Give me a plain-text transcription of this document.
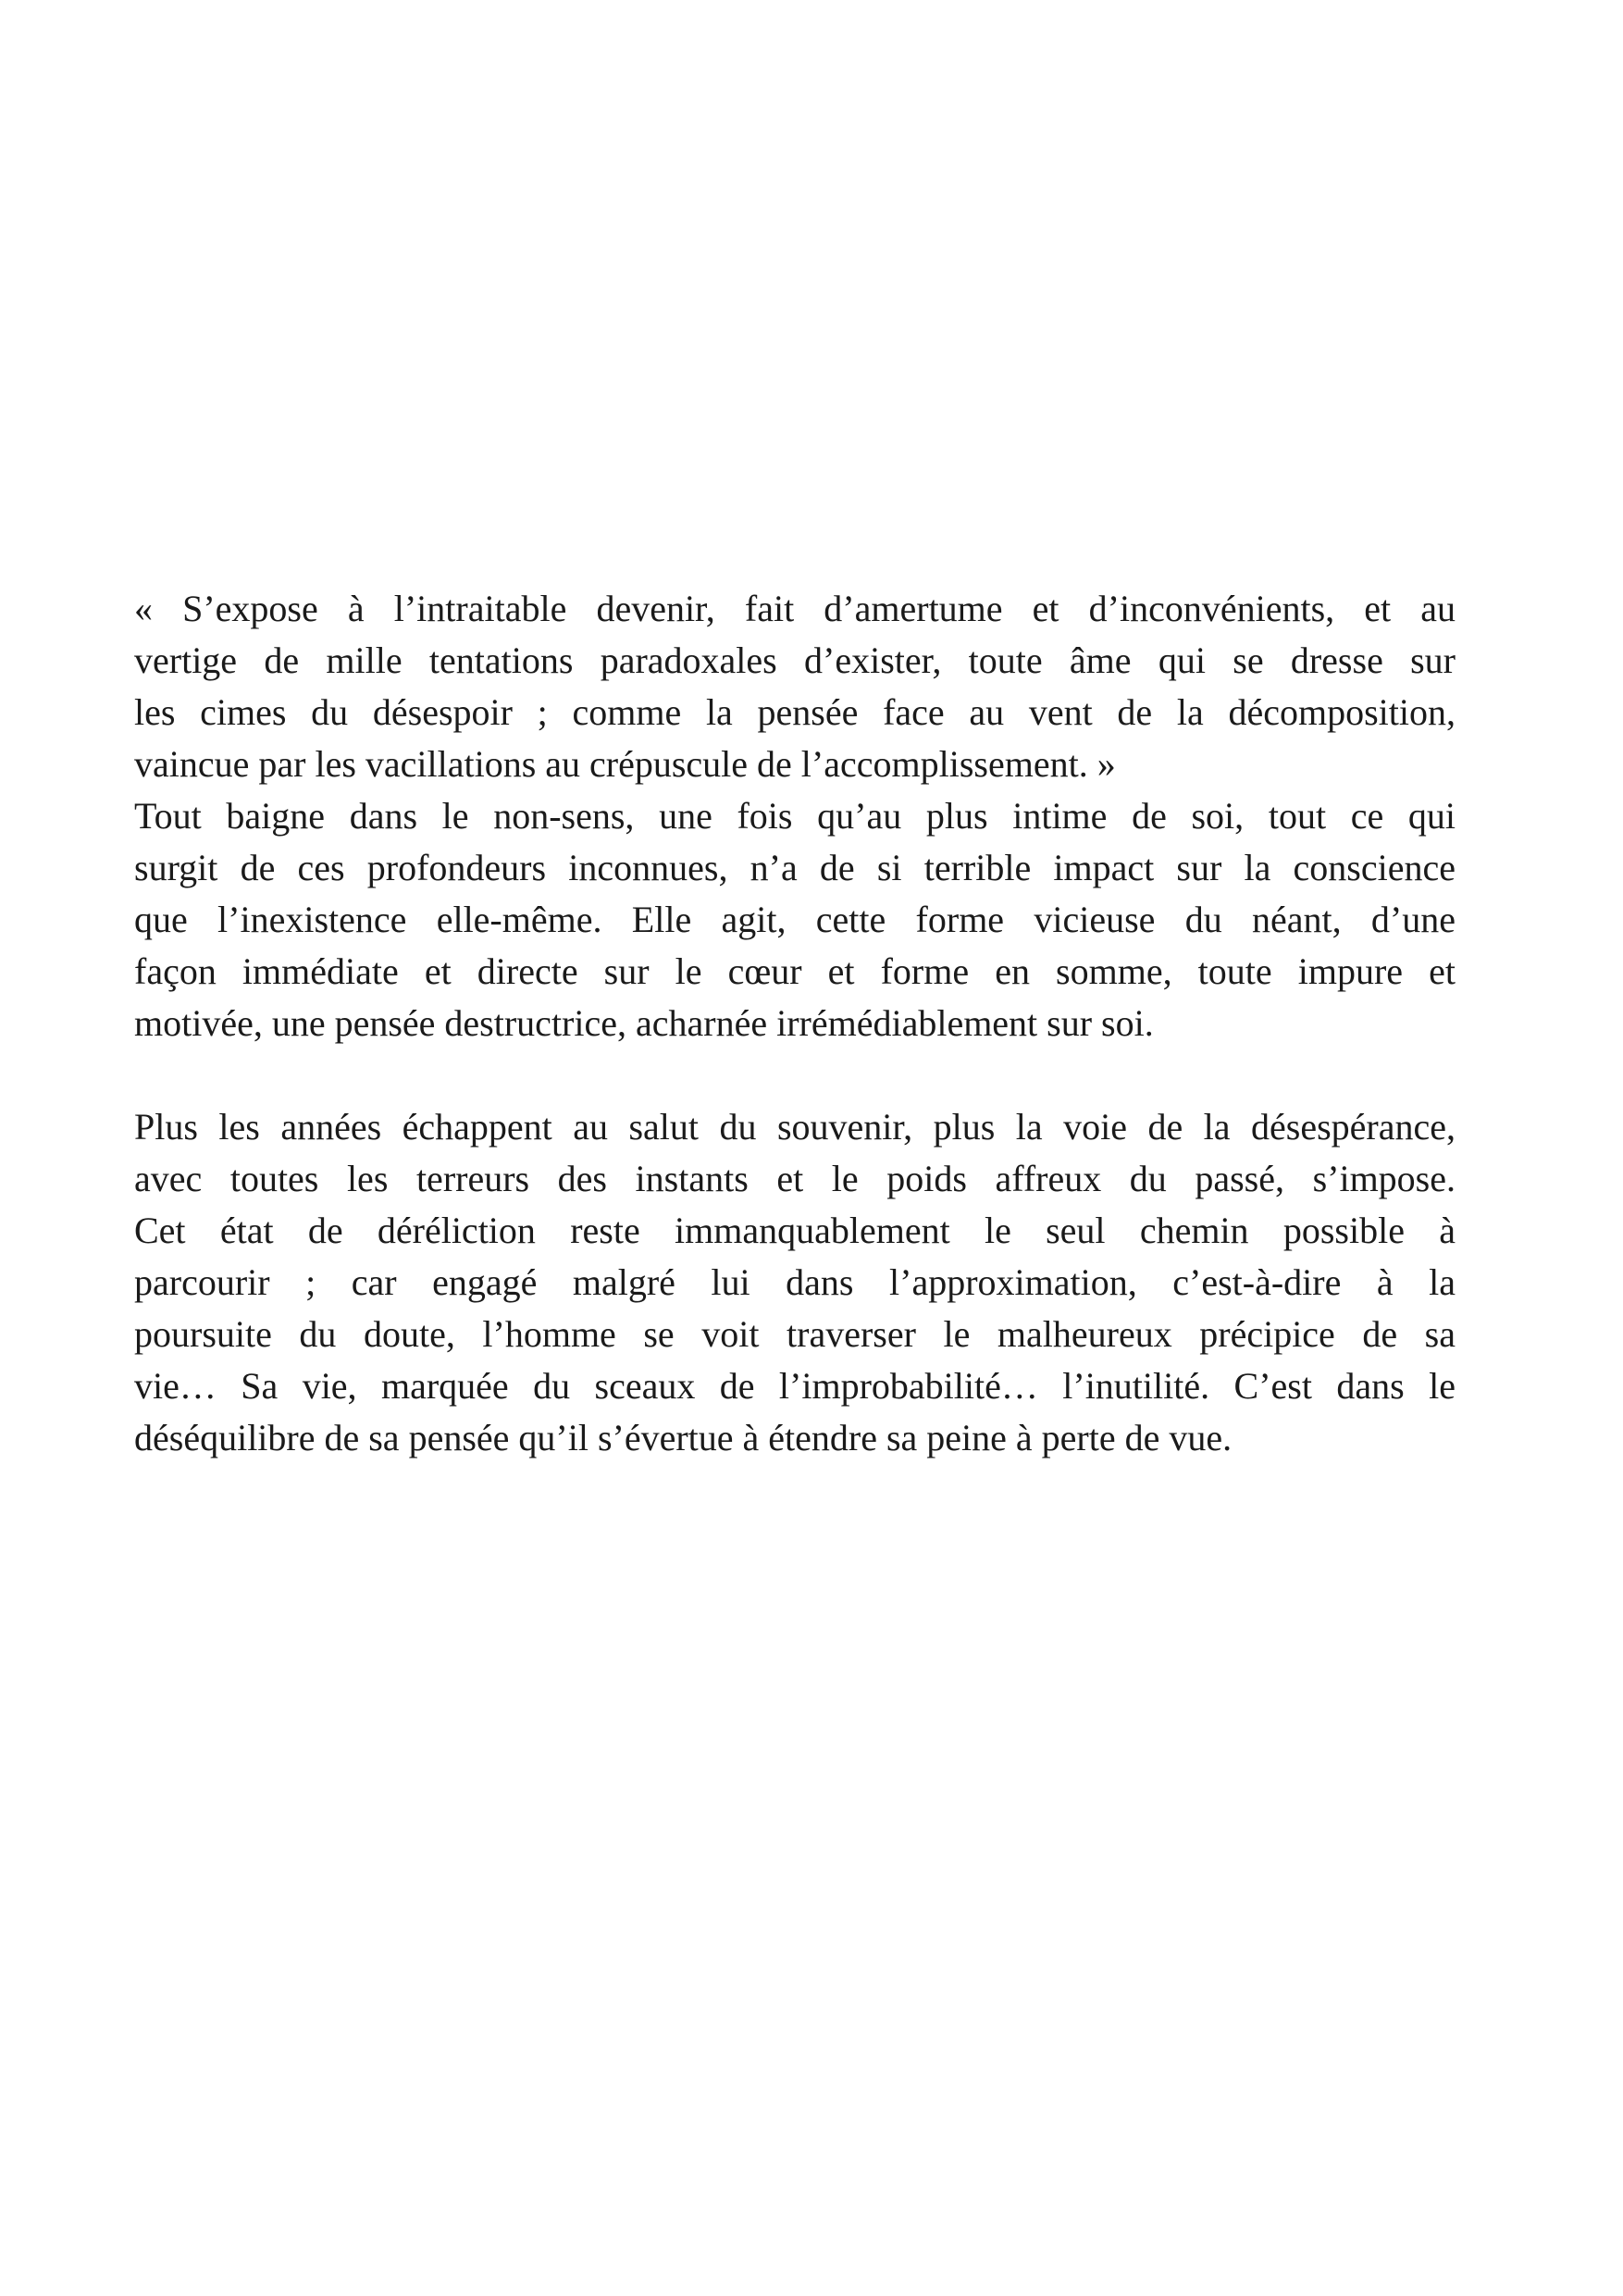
« S’expose à l’intraitable devenir, fait d’amertume et d’inconvénients, et au
vertige de mille tentations paradoxales d’exister, toute âme qui se dresse sur
les cimes du désespoir ; comme la pensée face au vent de la décomposition,
vaincue par les vacillations au crépuscule de l’accomplissement. »
Tout baigne dans le non-sens, une fois qu’au plus intime de soi, tout ce qui
surgit de ces profondeurs inconnues, n’a de si terrible impact sur la conscience
que l’inexistence elle-même. Elle agit, cette forme vicieuse du néant, d’une
façon immédiate et directe sur le cœur et forme en somme, toute impure et
motivée, une pensée destructrice, acharnée irrémédiablement sur soi.
Plus les années échappent au salut du souvenir, plus la voie de la désespérance,
avec toutes les terreurs des instants et le poids affreux du passé, s’impose.
Cet état de déréliction reste immanquablement le seul chemin possible à
parcourir ; car engagé malgré lui dans l’approximation, c’est-à-dire à la
poursuite du doute, l’homme se voit traverser le malheureux précipice de sa
vie… Sa vie, marquée du sceaux de l’improbabilité… l’inutilité. C’est dans le
déséquilibre de sa pensée qu’il s’évertue à étendre sa peine à perte de vue.
